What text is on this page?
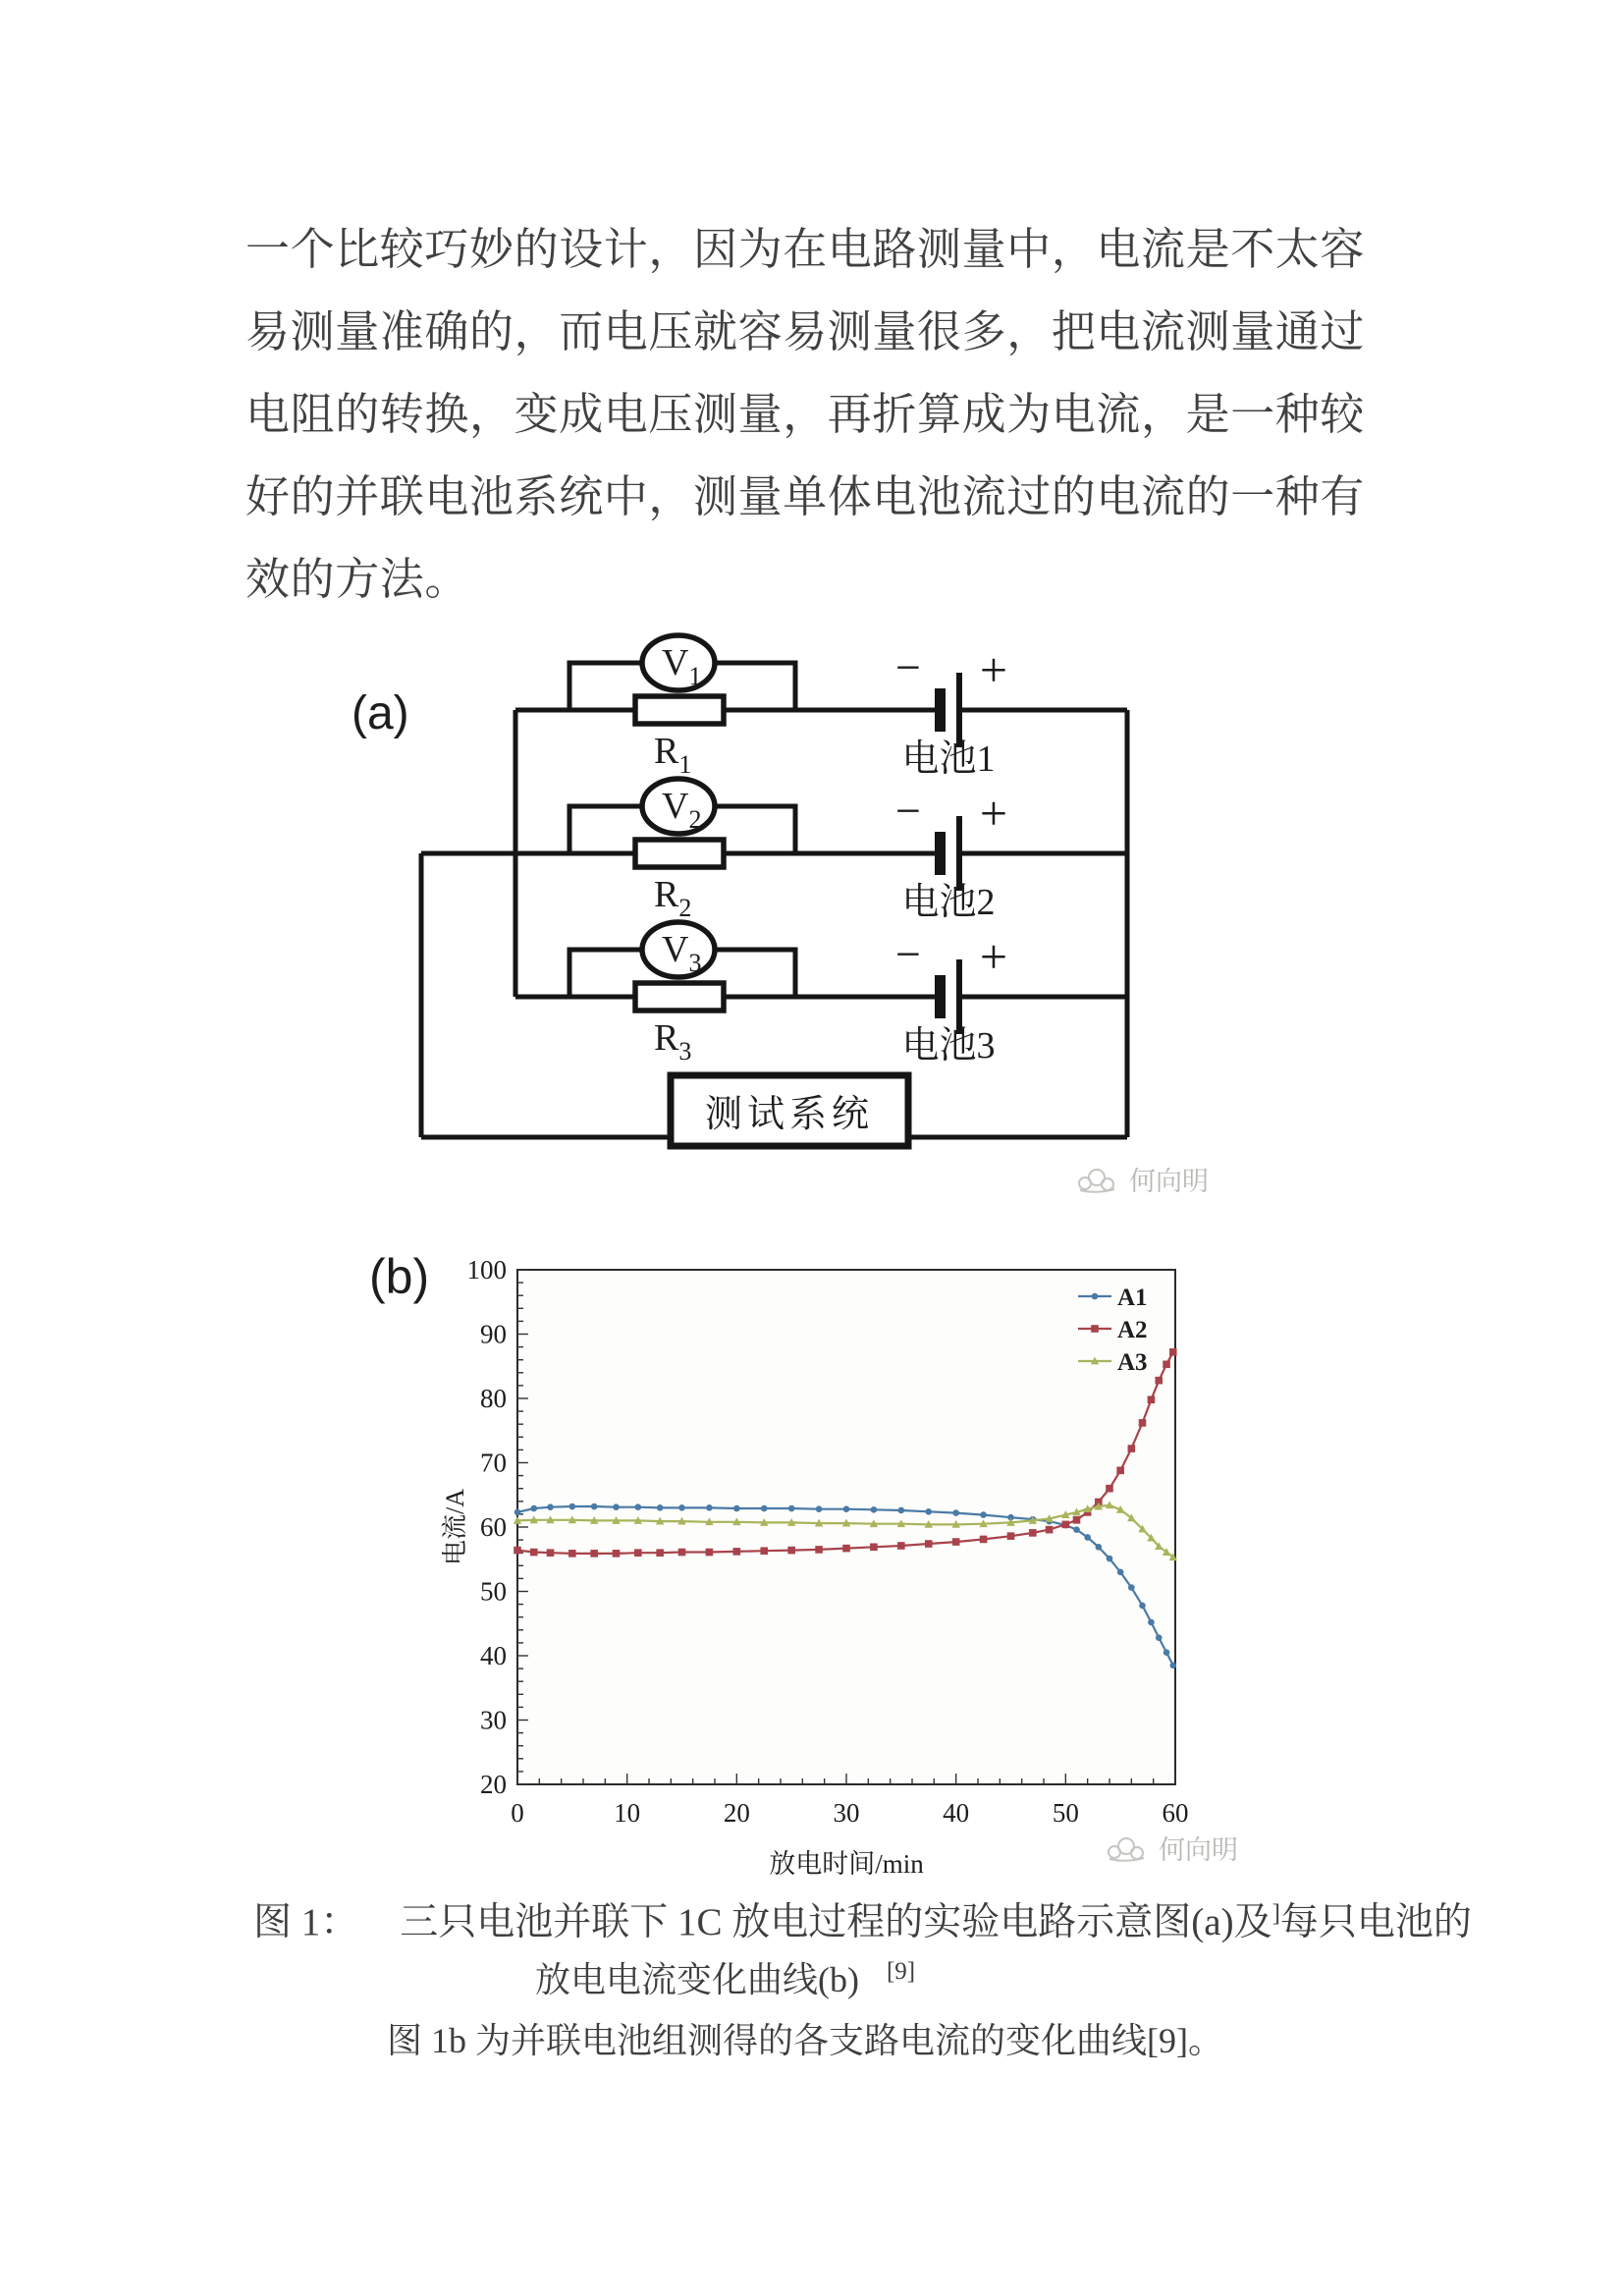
一个比较巧妙的设计，因为在电路测量中，电流是不太容
易测量准确的，而电压就容易测量很多，把电流测量通过
电阻的转换，变成电压测量，再折算成为电流，是一种较
好的并联电池系统中，测量单体电池流过的电流的一种有
效的方法。
(a)
$V_1$
$R_1$
− +
电池1
$V_2$
$R_2$
− +
电池2
$V_3$
$R_3$
− +
电池3
测试系统
何向明
(b)
20
30
40
50
60
70
80
90
100
0	10	20	30	40	50	60
电流/A
放电时间/min
A1
A2
A3
何向明
图 1： 三只电池并联下 1C 放电过程的实验电路示意图(a)及]每只电池的
放电电流变化曲线(b) [9]
图 1b 为并联电池组测得的各支路电流的变化曲线[9]。
